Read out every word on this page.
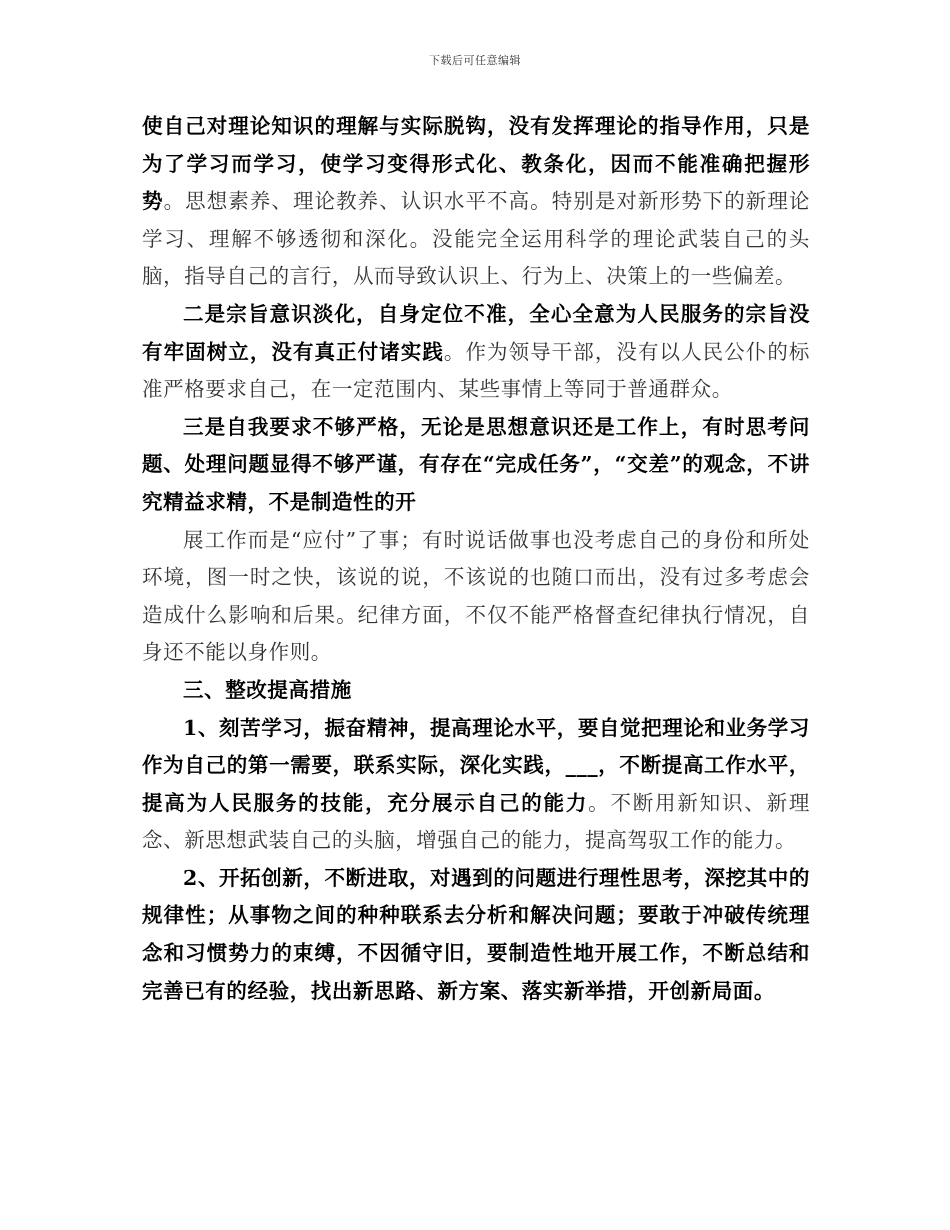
下载后可任意编辑

使自己对理论知识的理解与实际脱钩，没有发挥理论的指导作用，只是为了学习而学习，使学习变得形式化、教条化，因而不能准确把握形势。思想素养、理论教养、认识水平不高。特别是对新形势下的新理论学习、理解不够透彻和深化。没能完全运用科学的理论武装自己的头脑，指导自己的言行，从而导致认识上、行为上、决策上的一些偏差。

二是宗旨意识淡化，自身定位不准，全心全意为人民服务的宗旨没有牢固树立，没有真正付诸实践。作为领导干部，没有以人民公仆的标准严格要求自己，在一定范围内、某些事情上等同于普通群众。

三是自我要求不够严格，无论是思想意识还是工作上，有时思考问题、处理问题显得不够严谨，有存在“完成任务”，“交差”的观念，不讲究精益求精，不是制造性的开

展工作而是“应付”了事；有时说话做事也没考虑自己的身份和所处环境，图一时之快，该说的说，不该说的也随口而出，没有过多考虑会造成什么影响和后果。纪律方面，不仅不能严格督查纪律执行情况，自身还不能以身作则。

三、整改提高措施

1、刻苦学习，振奋精神，提高理论水平，要自觉把理论和业务学习作为自己的第一需要，联系实际，深化实践，___，不断提高工作水平，提高为人民服务的技能，充分展示自己的能力。不断用新知识、新理念、新思想武装自己的头脑，增强自己的能力，提高驾驭工作的能力。

2、开拓创新，不断进取，对遇到的问题进行理性思考，深挖其中的规律性；从事物之间的种种联系去分析和解决问题；要敢于冲破传统理念和习惯势力的束缚，不因循守旧，要制造性地开展工作，不断总结和完善已有的经验，找出新思路、新方案、落实新举措，开创新局面。
